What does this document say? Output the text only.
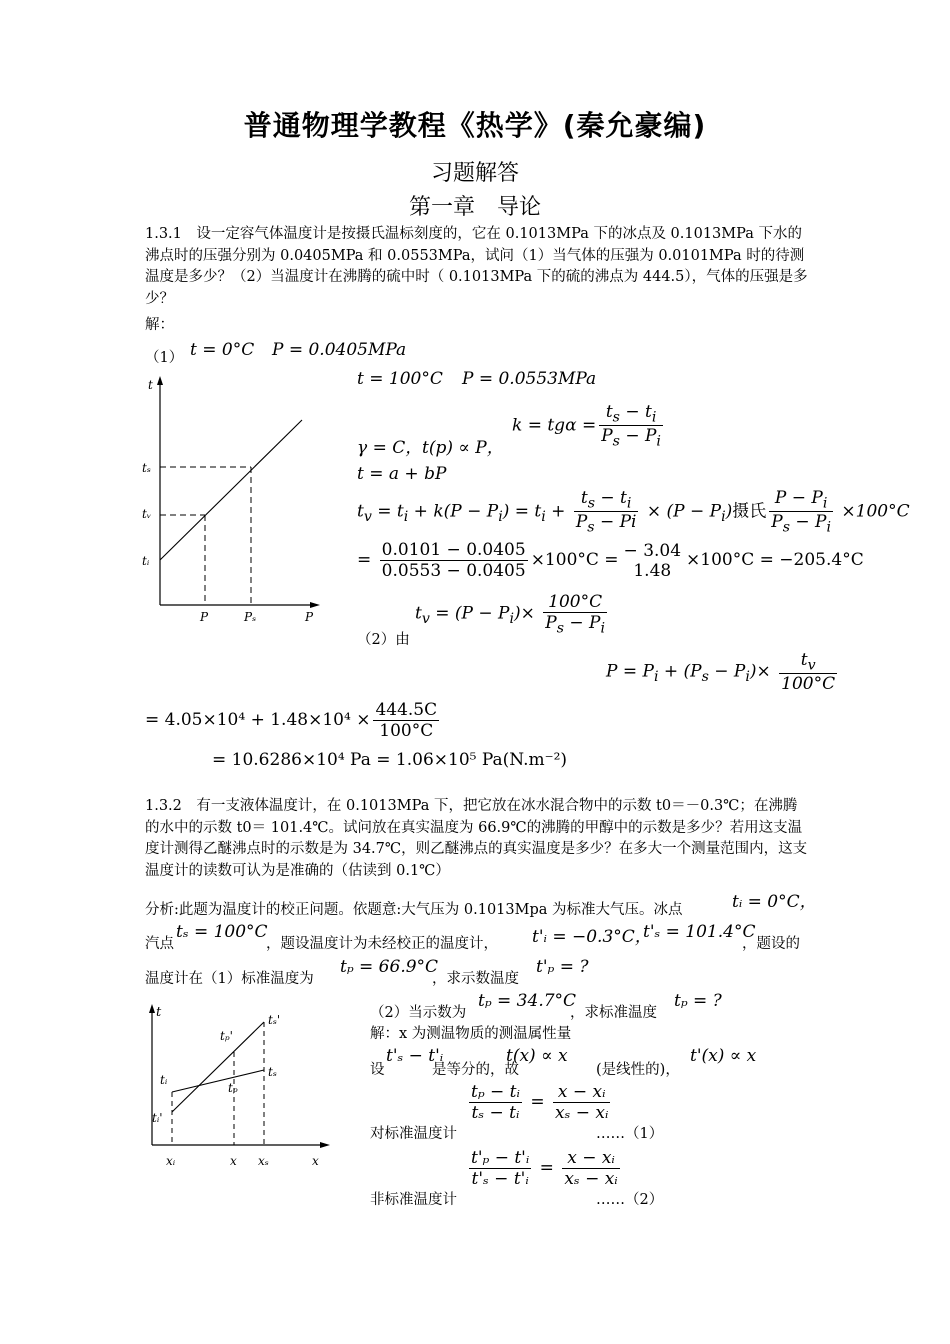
普通物理学教程《热学》(秦允豪编)
习题解答
第一章　导论
1.3.1　设一定容气体温度计是按摄氏温标刻度的，它在 0.1013MPa 下的冰点及 0.1013MPa 下水的沸点时的压强分别为 0.0405MPa 和 0.0553MPa，试问（1）当气体的压强为 0.0101MPa 时的待测温度是多少？（2）当温度计在沸腾的硫中时（ 0.1013MPa 下的硫的沸点为 444.5），气体的压强是多少？
解：
（1） t = 0°C P = 0.0405MPa
t
tₛ
tᵥ
tᵢ
P	Pₛ	P
t = 100°C P = 0.0553MPa
γ = C， t(p) ∝ P，
$k = tg\alpha = \frac{t_s - t_i}{P_s - P_i}$
t = a + bP
$t_v = t_i + k(P - P_i) = t_i + \frac{t_s - t_i}{P_s - Pi} \times (P - P_i)$摄氏 $\frac{P - P_i}{P_s - P_i} \times 100^\circ C$
= $\frac{0.0101 - 0.0405}{0.0553 - 0.0405} \times 100^\circ C$ = − 3.04
1.48
×100°C = −205.4°C
$t_v = (P - P_i)\times \frac{100^\circ C}{P_s - P_i}$
（2）由
$P = P_i + (P_s - P_i)\times \frac{t_v}{100^\circ C}$
= $4.05\times 10^4 + 1.48\times 10^4 \times \frac{444.5C}{100^\circ C}$
= 10.6286×10⁴ Pa = 1.06×10⁵ Pa(N.m⁻²)
1.3.2　有一支液体温度计，在 0.1013MPa 下，把它放在冰水混合物中的示数 t0＝－0.3℃；在沸腾的水中的示数 t0＝ 101.4℃。试问放在真实温度为 66.9℃的沸腾的甲醇中的示数是多少？若用这支温度计测得乙醚沸点时的示数是为 34.7℃，则乙醚沸点的真实温度是多少？在多大一个测量范围内，这支温度计的读数可认为是准确的（估读到 0.1℃）
分析:此题为温度计的校正问题。依题意:大气压为 0.1013Mpa 为标准大气压。冰点	tᵢ = 0°C，
汽点
tₛ = 100°C
，题设温度计为未经校正的温度计， t'ᵢ = −0.3°C，
t'ₛ = 101.4°C
，题设的
温度计在（1）标准温度为
tₚ = 66.9°C
，求示数温度
t'ₚ = ?
t	tₛ'
tₚ'
tᵢ
tₚ
tₛ
tᵢ'
xᵢ	x xₛ	x
（2）当示数为
tₚ = 34.7°C
，求标准温度
tₚ = ?
解：x 为测温物质的测温属性量
设
t'ₛ − t'ᵢ
是等分的，故
t(x) ∝ x
(是线性的)，
t'(x) ∝ x
对标准温度计
$\frac{\text{tₚ − tᵢ}}{\text{tₛ − tᵢ}} = \frac{\text{x − xᵢ}}{\text{xₛ − xᵢ}}$
……（1）
非标准温度计
$\frac{\text{t'ₚ − t'ᵢ}}{\text{t'ₛ − t'ᵢ}} = \frac{\text{x − xᵢ}}{\text{xₛ − xᵢ}}$
……（2）
